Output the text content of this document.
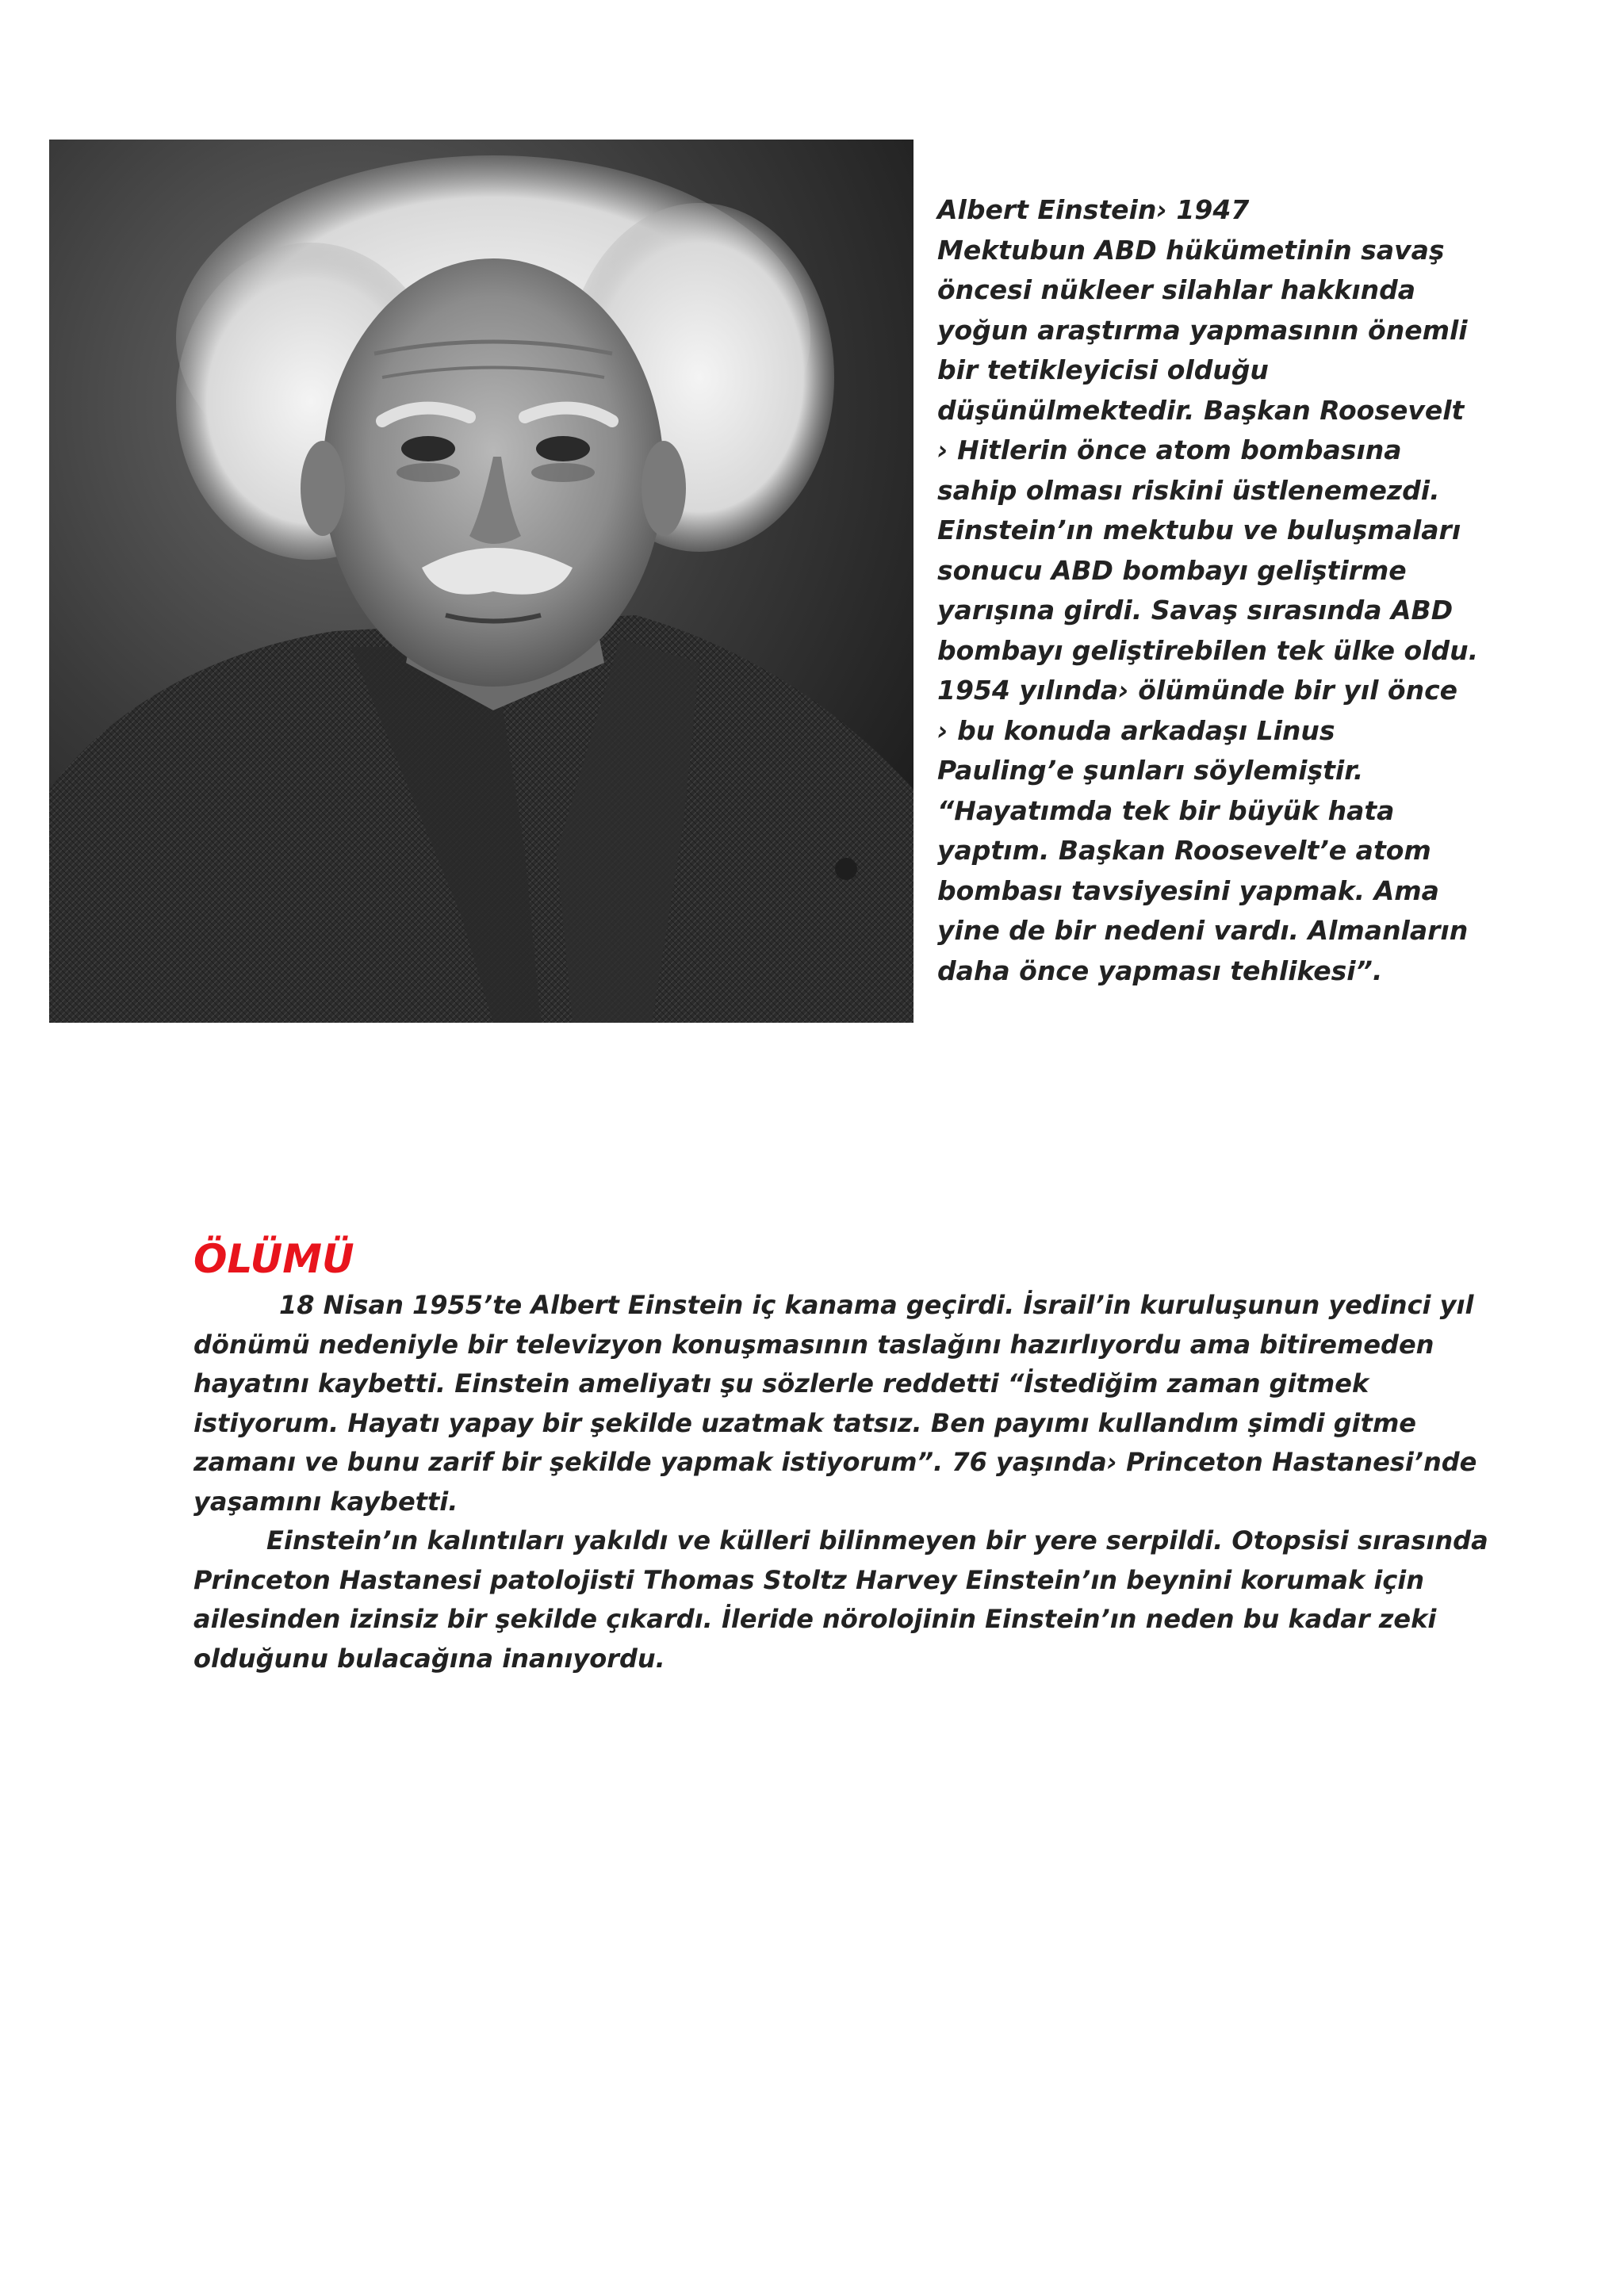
Albert Einstein› 1947
Mektubun ABD hükümetinin savaş
öncesi nükleer silahlar hakkında
yoğun araştırma yapmasının önemli
bir tetikleyicisi olduğu
düşünülmektedir. Başkan Roosevelt
› Hitlerin önce atom bombasına
sahip olması riskini üstlenemezdi.
Einstein’ın mektubu ve buluşmaları
sonucu ABD bombayı geliştirme
yarışına girdi. Savaş sırasında ABD
bombayı geliştirebilen tek ülke oldu.
1954 yılında› ölümünde bir yıl önce
› bu konuda arkadaşı Linus
Pauling’e şunları söylemiştir.
“Hayatımda tek bir büyük hata
yaptım. Başkan Roosevelt’e atom
bombası tavsiyesini yapmak. Ama
yine de bir nedeni vardı. Almanların
daha önce yapması tehlikesi”.
ÖLÜMÜ
18 Nisan 1955’te Albert Einstein iç kanama geçirdi. İsrail’in kuruluşunun yedinci yıl
dönümü nedeniyle bir televizyon konuşmasının taslağını hazırlıyordu ama bitiremeden
hayatını kaybetti. Einstein ameliyatı şu sözlerle reddetti “İstediğim zaman gitmek
istiyorum. Hayatı yapay bir şekilde uzatmak tatsız. Ben payımı kullandım şimdi gitme
zamanı ve bunu zarif bir şekilde yapmak istiyorum”. 76 yaşında› Princeton Hastanesi’nde
yaşamını kaybetti.
Einstein’ın kalıntıları yakıldı ve külleri bilinmeyen bir yere serpildi. Otopsisi sırasında
Princeton Hastanesi patolojisti Thomas Stoltz Harvey Einstein’ın beynini korumak için
ailesinden izinsiz bir şekilde çıkardı. İleride nörolojinin Einstein’ın neden bu kadar zeki
olduğunu bulacağına inanıyordu.
